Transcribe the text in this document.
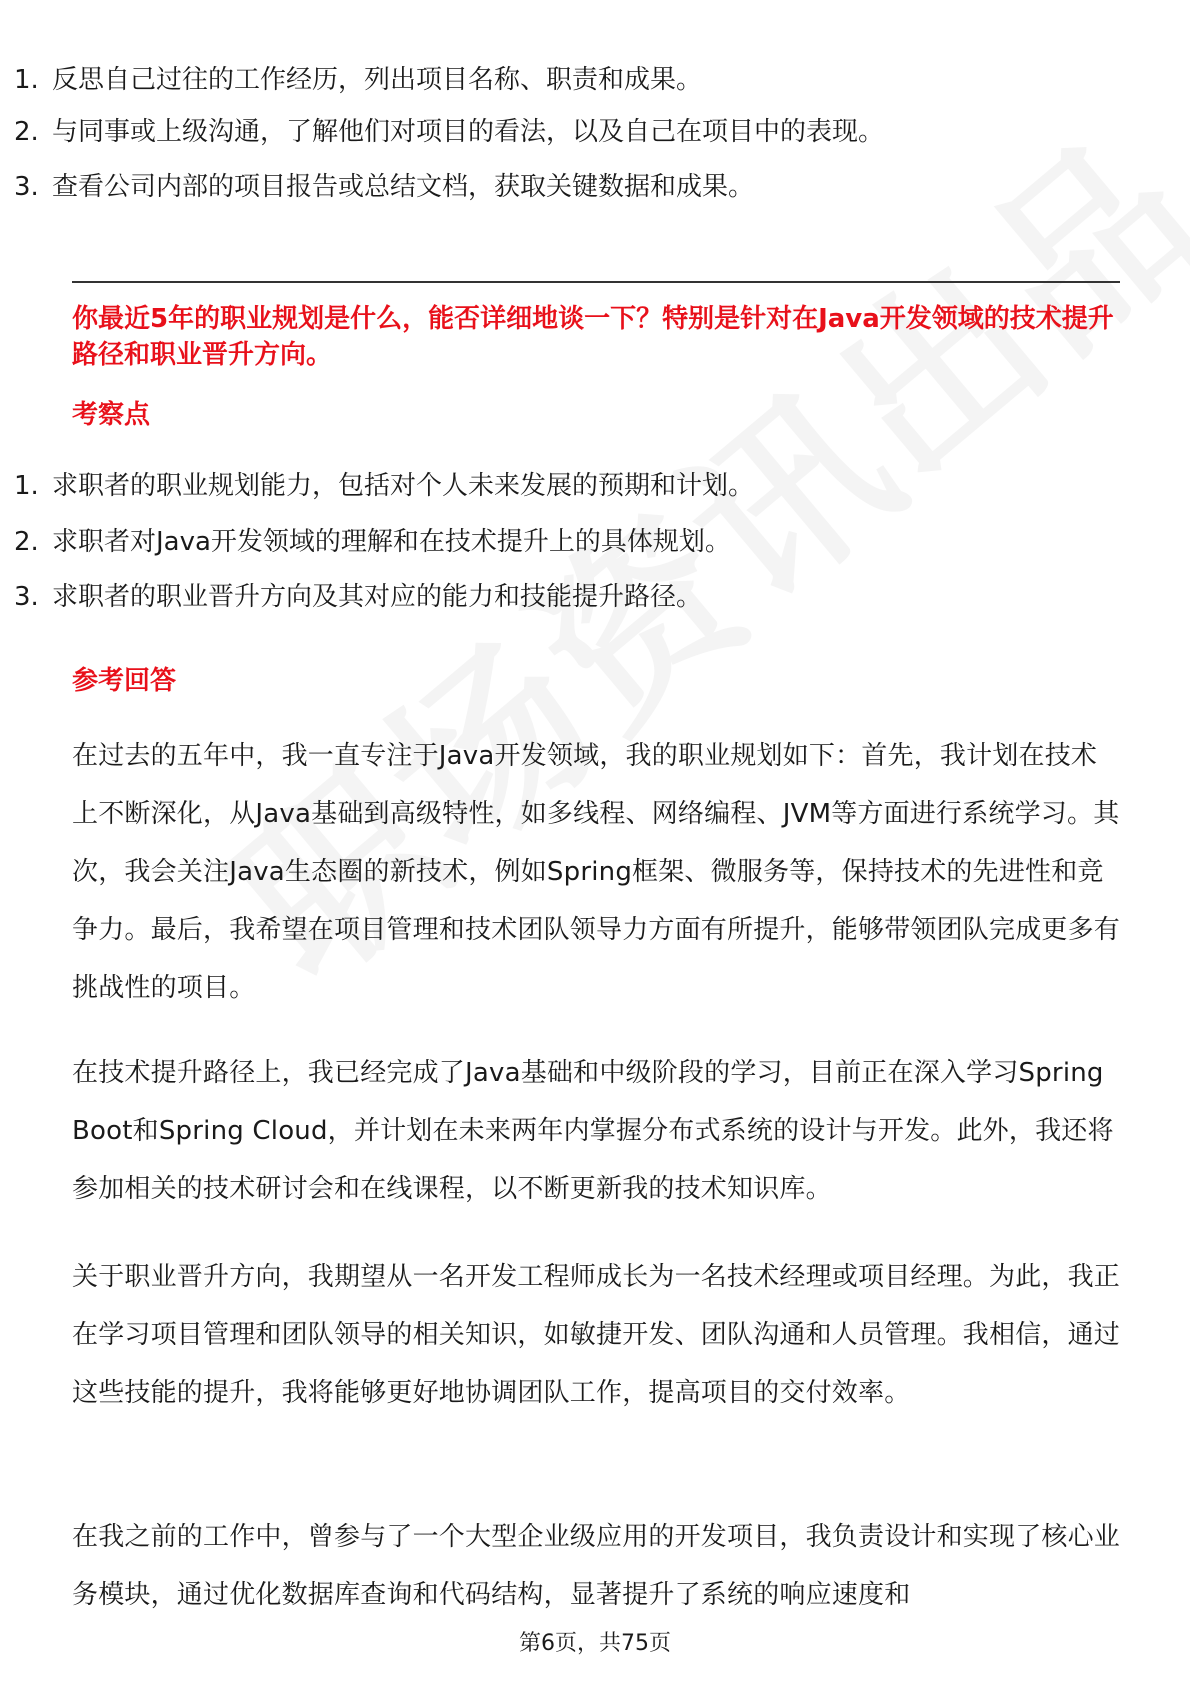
1. 反思自己过往的工作经历，列出项目名称、职责和成果。
2. 与同事或上级沟通，了解他们对项目的看法，以及自己在项目中的表现。
3. 查看公司内部的项目报告或总结文档，获取关键数据和成果。
你最近5年的职业规划是什么，能否详细地谈一下？特别是针对在Java开发领域的技术提升路径和职业晋升方向。
考察点
1. 求职者的职业规划能力，包括对个人未来发展的预期和计划。
2. 求职者对Java开发领域的理解和在技术提升上的具体规划。
3. 求职者的职业晋升方向及其对应的能力和技能提升路径。
参考回答
在过去的五年中，我一直专注于Java开发领域，我的职业规划如下：首先，我计划在技术上不断深化，从Java基础到高级特性，如多线程、网络编程、JVM等方面进行系统学习。其次，我会关注Java生态圈的新技术，例如Spring框架、微服务等，保持技术的先进性和竞争力。最后，我希望在项目管理和技术团队领导力方面有所提升，能够带领团队完成更多有挑战性的项目。
在技术提升路径上，我已经完成了Java基础和中级阶段的学习，目前正在深入学习Spring Boot和Spring Cloud，并计划在未来两年内掌握分布式系统的设计与开发。此外，我还将参加相关的技术研讨会和在线课程，以不断更新我的技术知识库。
关于职业晋升方向，我期望从一名开发工程师成长为一名技术经理或项目经理。为此，我正在学习项目管理和团队领导的相关知识，如敏捷开发、团队沟通和人员管理。我相信，通过这些技能的提升，我将能够更好地协调团队工作，提高项目的交付效率。
在我之前的工作中，曾参与了一个大型企业级应用的开发项目，我负责设计和实现了核心业务模块，通过优化数据库查询和代码结构，显著提升了系统的响应速度和
第6页，共75页
